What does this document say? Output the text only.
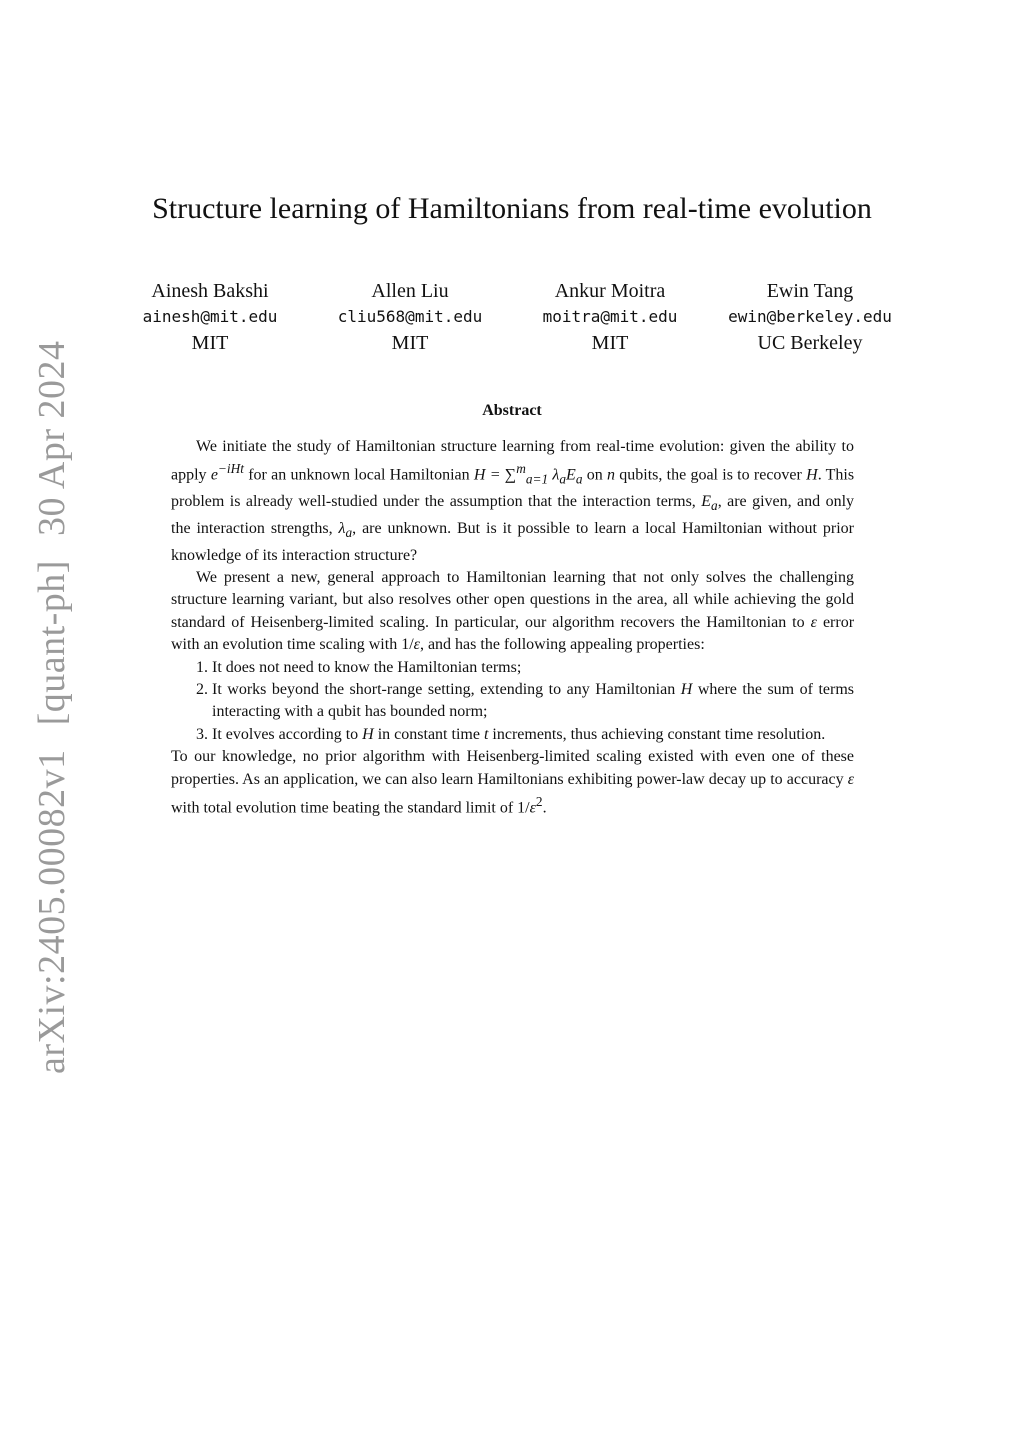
arXiv:2405.00082v1[quant-ph]30 Apr 2024
Structure learning of Hamiltonians from real-time evolution
Ainesh Bakshi
ainesh@mit.edu
MIT
Allen Liu
cliu568@mit.edu
MIT
Ankur Moitra
moitra@mit.edu
MIT
Ewin Tang
ewin@berkeley.edu
UC Berkeley
Abstract

We initiate the study of Hamiltonian structure learning from real-time evolution: given the ability to apply $e^{-iHt}$ for an unknown local Hamiltonian H = ∑$^m_{a=1}$ $\lambda_aE_a$ on n qubits, the goal is to recover H. This problem is already well-studied under the assumption that the interaction terms, $E_a$, are given, and only the interaction strengths, $\lambda_a$, are unknown. But is it possible to learn a local Hamiltonian without prior knowledge of its interaction structure?

We present a new, general approach to Hamiltonian learning that not only solves the challenging structure learning variant, but also resolves other open questions in the area, all while achieving the gold standard of Heisenberg-limited scaling. In particular, our algorithm recovers the Hamiltonian to ε error with an evolution time scaling with 1/ε, and has the following appealing properties:

1. It does not need to know the Hamiltonian terms;
2. It works beyond the short-range setting, extending to any Hamiltonian H where the sum of terms interacting with a qubit has bounded norm;
3. It evolves according to H in constant time t increments, thus achieving constant time resolution.

To our knowledge, no prior algorithm with Heisenberg-limited scaling existed with even one of these properties. As an application, we can also learn Hamiltonians exhibiting power-law decay up to accuracy ε with total evolution time beating the standard limit of $1/\varepsilon^2$.
